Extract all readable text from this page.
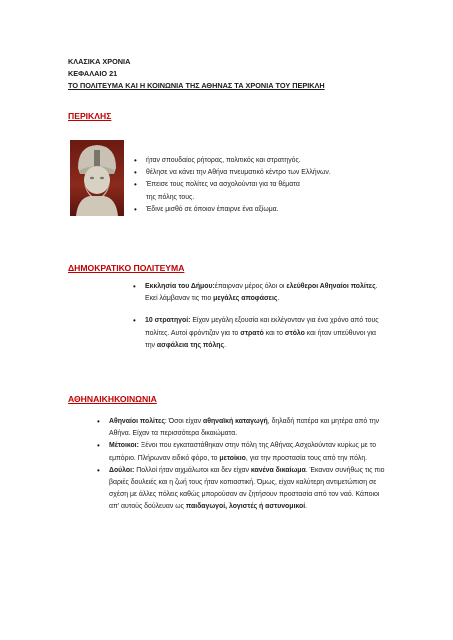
ΚΛΑΣΙΚΑ ΧΡΟΝΙΑ
ΚΕΦΑΛΑΙΟ 21
ΤΟ ΠΟΛΙΤΕΥΜΑ ΚΑΙ Η ΚΟΙΝΩΝΙΑ ΤΗΣ ΑΘΗΝΑΣ ΤΑ ΧΡΟΝΙΑ ΤΟΥ ΠΕΡΙΚΛΗ
ΠΕΡΙΚΛΗΣ
• ήταν σπουδαίος ρήτορας, πολιτικός και στρατηγός.
• θέλησε να κάνει την Αθήνα πνευματικό κέντρο των Ελλήνων.
• Έπεισε τους πολίτες να ασχολούνται για τα θέματα της πόλης τους.
• Έδινε μισθό σε όποιον έπαιρνε ένα αξίωμα.
ΔΗΜΟΚΡΑΤΙΚΟ ΠΟΛΙΤΕΥΜΑ
• Εκκλησία του Δήμου:έπαιρναν μέρος όλοι οι ελεύθεροι Αθηναίοι πολίτες. Εκεί λάμβαναν τις πιο μεγάλες αποφάσεις.
• 10 στρατηγοί: Είχαν μεγάλη εξουσία και εκλέγονταν για ένα χρόνο από τους πολίτες. Αυτοί φρόντιζαν για το στρατό και το στόλο και ήταν υπεύθυνοι για την ασφάλεια της πόλης.
ΑΘΗΝΑΙΚΗΚΟΙΝΩΝΙΑ
• Αθηναίοι πολίτες: Όσοι είχαν αθηναϊκή καταγωγή, δηλαδή πατέρα και μητέρα από την Αθήνα. Είχαν τα περισσότερα δικαιώματα.
• Μέτοικοι: Ξένοι που εγκαταστάθηκαν στην πόλη της Αθήνας.Ασχολούνταν κυρίως με το εμπόριο. Πλήρωναν ειδικό φόρο, το μετοίκιο, για την προστασία τους από την πόλη.
• Δούλοι: Πολλοί ήταν αιχμάλωτοι και δεν είχαν κανένα δικαίωμα. Έκαναν συνήθως τις πιο βαριές δουλειές και η ζωή τους ήταν κοπιαστική. Όμως, είχαν καλύτερη αντιμετώπιση σε σχέση με άλλες πόλεις καθώς μπορούσαν αν ζητήσουν προστασία από τον ναό. Κάποιοι απ' αυτούς δούλευαν ως παιδαγωγοί, λογιστές ή αστυνομικοί.
